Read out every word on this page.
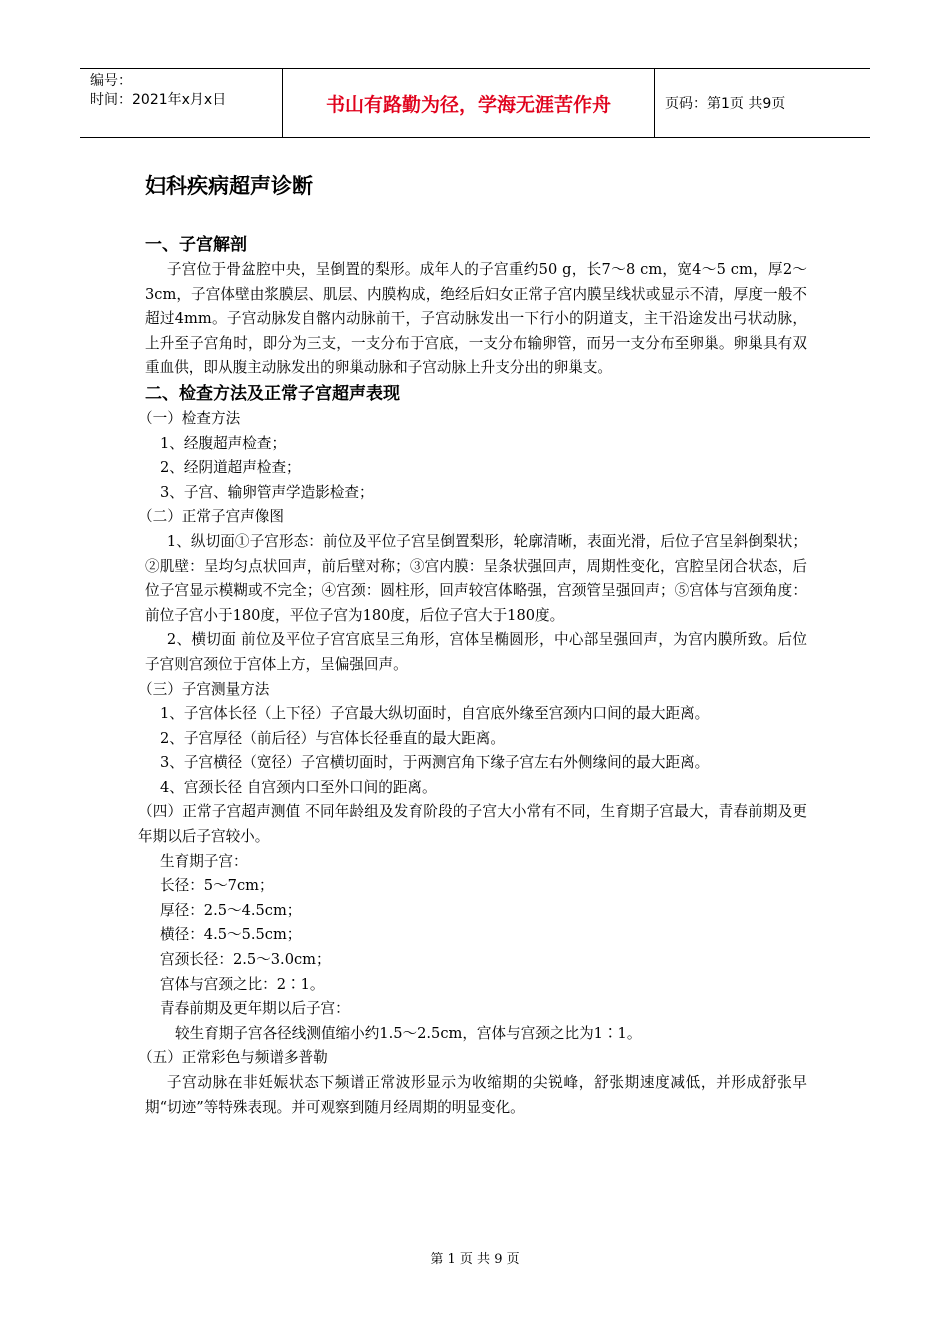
编号：
时间：2021年x月x日	书山有路勤为径，学海无涯苦作舟	页码：第1页 共9页
妇科疾病超声诊断
一、子宫解剖

子宫位于骨盆腔中央，呈倒置的梨形。成年人的子宫重约50 g，长7～8 cm，宽4～5 cm，厚2～3cm，子宫体壁由浆膜层、肌层、内膜构成，绝经后妇女正常子宫内膜呈线状或显示不清，厚度一般不超过4mm。子宫动脉发自髂内动脉前干，子宫动脉发出一下行小的阴道支，主干沿途发出弓状动脉，上升至子宫角时，即分为三支，一支分布于宫底，一支分布输卵管，而另一支分布至卵巢。卵巢具有双重血供，即从腹主动脉发出的卵巢动脉和子宫动脉上升支分出的卵巢支。

二、检查方法及正常子宫超声表现

（一）检查方法

1、经腹超声检查；

2、经阴道超声检查；

3、子宫、输卵管声学造影检查；

（二）正常子宫声像图

1、纵切面①子宫形态：前位及平位子宫呈倒置梨形，轮廓清晰，表面光滑，后位子宫呈斜倒梨状；②肌壁：呈均匀点状回声，前后壁对称；③宫内膜：呈条状强回声，周期性变化，宫腔呈闭合状态，后位子宫显示模糊或不完全；④宫颈：圆柱形，回声较宫体略强，宫颈管呈强回声；⑤宫体与宫颈角度：前位子宫小于180度，平位子宫为180度，后位子宫大于180度。

2、横切面 前位及平位子宫宫底呈三角形，宫体呈椭圆形，中心部呈强回声，为宫内膜所致。后位子宫则宫颈位于宫体上方，呈偏强回声。

（三）子宫测量方法

1、子宫体长径（上下径）子宫最大纵切面时，自宫底外缘至宫颈内口间的最大距离。

2、子宫厚径（前后径）与宫体长径垂直的最大距离。

3、子宫横径（宽径）子宫横切面时，于两测宫角下缘子宫左右外侧缘间的最大距离。

4、宫颈长径 自宫颈内口至外口间的距离。

（四）正常子宫超声测值 不同年龄组及发育阶段的子宫大小常有不同，生育期子宫最大，青春前期及更年期以后子宫较小。

生育期子宫：

长径：5～7cm；

厚径：2.5～4.5cm；

横径：4.5～5.5cm；

宫颈长径：2.5～3.0cm；

宫体与宫颈之比：2∶1。

青春前期及更年期以后子宫：

较生育期子宫各径线测值缩小约1.5～2.5cm，宫体与宫颈之比为1∶1。

（五）正常彩色与频谱多普勒

子宫动脉在非妊娠状态下频谱正常波形显示为收缩期的尖锐峰，舒张期速度减低，并形成舒张早期“切迹”等特殊表现。并可观察到随月经周期的明显变化。

第 1 页 共 9 页
